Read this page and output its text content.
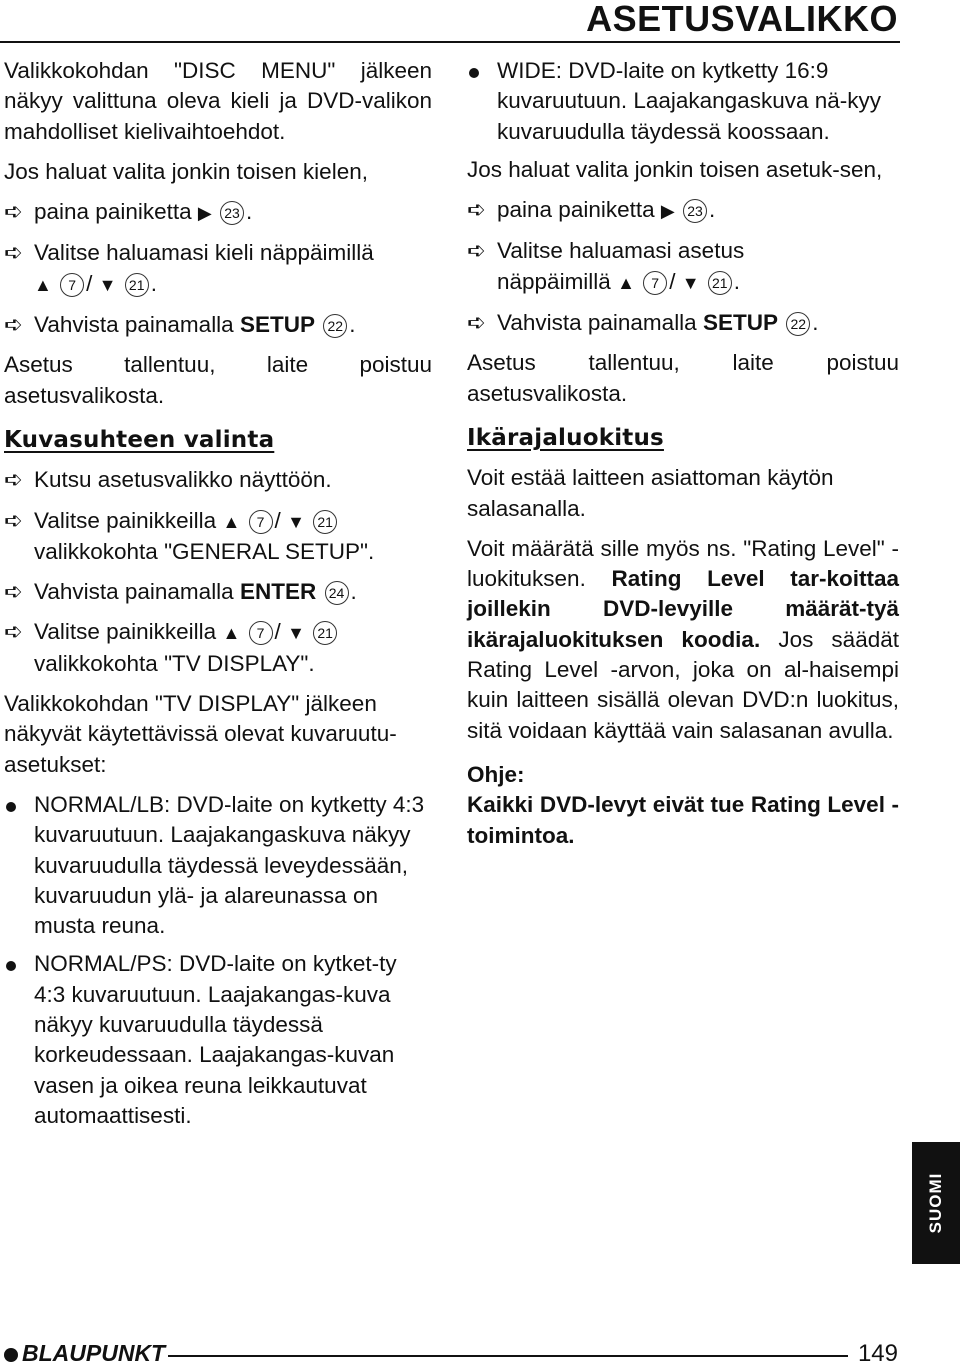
ASETUSVALIKKO

Valikkokohdan "DISC MENU" jälkeen näkyy valittuna oleva kieli ja DVD-valikon mahdolliset kielivaihtoehdot.

Jos haluat valita jonkin toisen kielen,

➪ paina painiketta ▶ 23 .
➪ Valitse haluamasi kieli näppäimillä
▲ 7 / ▼ 21 .
➪ Vahvista painamalla SETUP 22 .
Asetus tallentuu, laite poistuu
asetusvalikosta.
Kuvasuhteen valinta
➪ Kutsu asetusvalikko näyttöön.
➪ Valitse painikkeilla ▲ 7 / ▼ 21
valikkokohta "GENERAL SETUP".
➪ Vahvista painamalla ENTER 24 .
➪ Valitse painikkeilla ▲ 7 / ▼ 21
valikkokohta "TV DISPLAY".

Valikkokohdan "TV DISPLAY" jälkeen näkyvät käytettävissä olevat kuvaruutu-asetukset:

NORMAL/LB: DVD-laite on kytketty 4:3 kuvaruutuun. Laajakangaskuva näkyy kuvaruudulla täydessä leveydessään, kuvaruudun ylä- ja alareunassa on musta reuna.
NORMAL/PS: DVD-laite on kytket-ty 4:3 kuvaruutuun. Laajakangas-kuva näkyy kuvaruudulla täydessä korkeudessaan. Laajakangas-kuvan vasen ja oikea reuna leikkautuvat automaattisesti.
WIDE: DVD-laite on kytketty 16:9 kuvaruutuun. Laajakangaskuva nä-kyy kuvaruudulla täydessä koossaan.

Jos haluat valita jonkin toisen asetuk-sen,

➪ paina painiketta ▶ 23 .
➪ Valitse haluamasi asetus
näppäimillä ▲ 7 / ▼ 21 .
➪ Vahvista painamalla SETUP 22 .
Asetus tallentuu, laite poistuu
asetusvalikosta.
Ikärajaluokitus

Voit estää laitteen asiattoman käytön salasanalla.

Voit määrätä sille myös ns. "Rating Level" -luokituksen. Rating Level tar-koittaa joillekin DVD-levyille määrät-tyä ikärajaluokituksen koodia. Jos säädät Rating Level -arvon, joka on al-haisempi kuin laitteen sisällä olevan DVD:n luokitus, sitä voidaan käyttää vain salasanan avulla.

Ohje:
Kaikki DVD-levyt eivät tue Rating Level -toimintoa.
SUOMI
BLAUPUNKT	149
